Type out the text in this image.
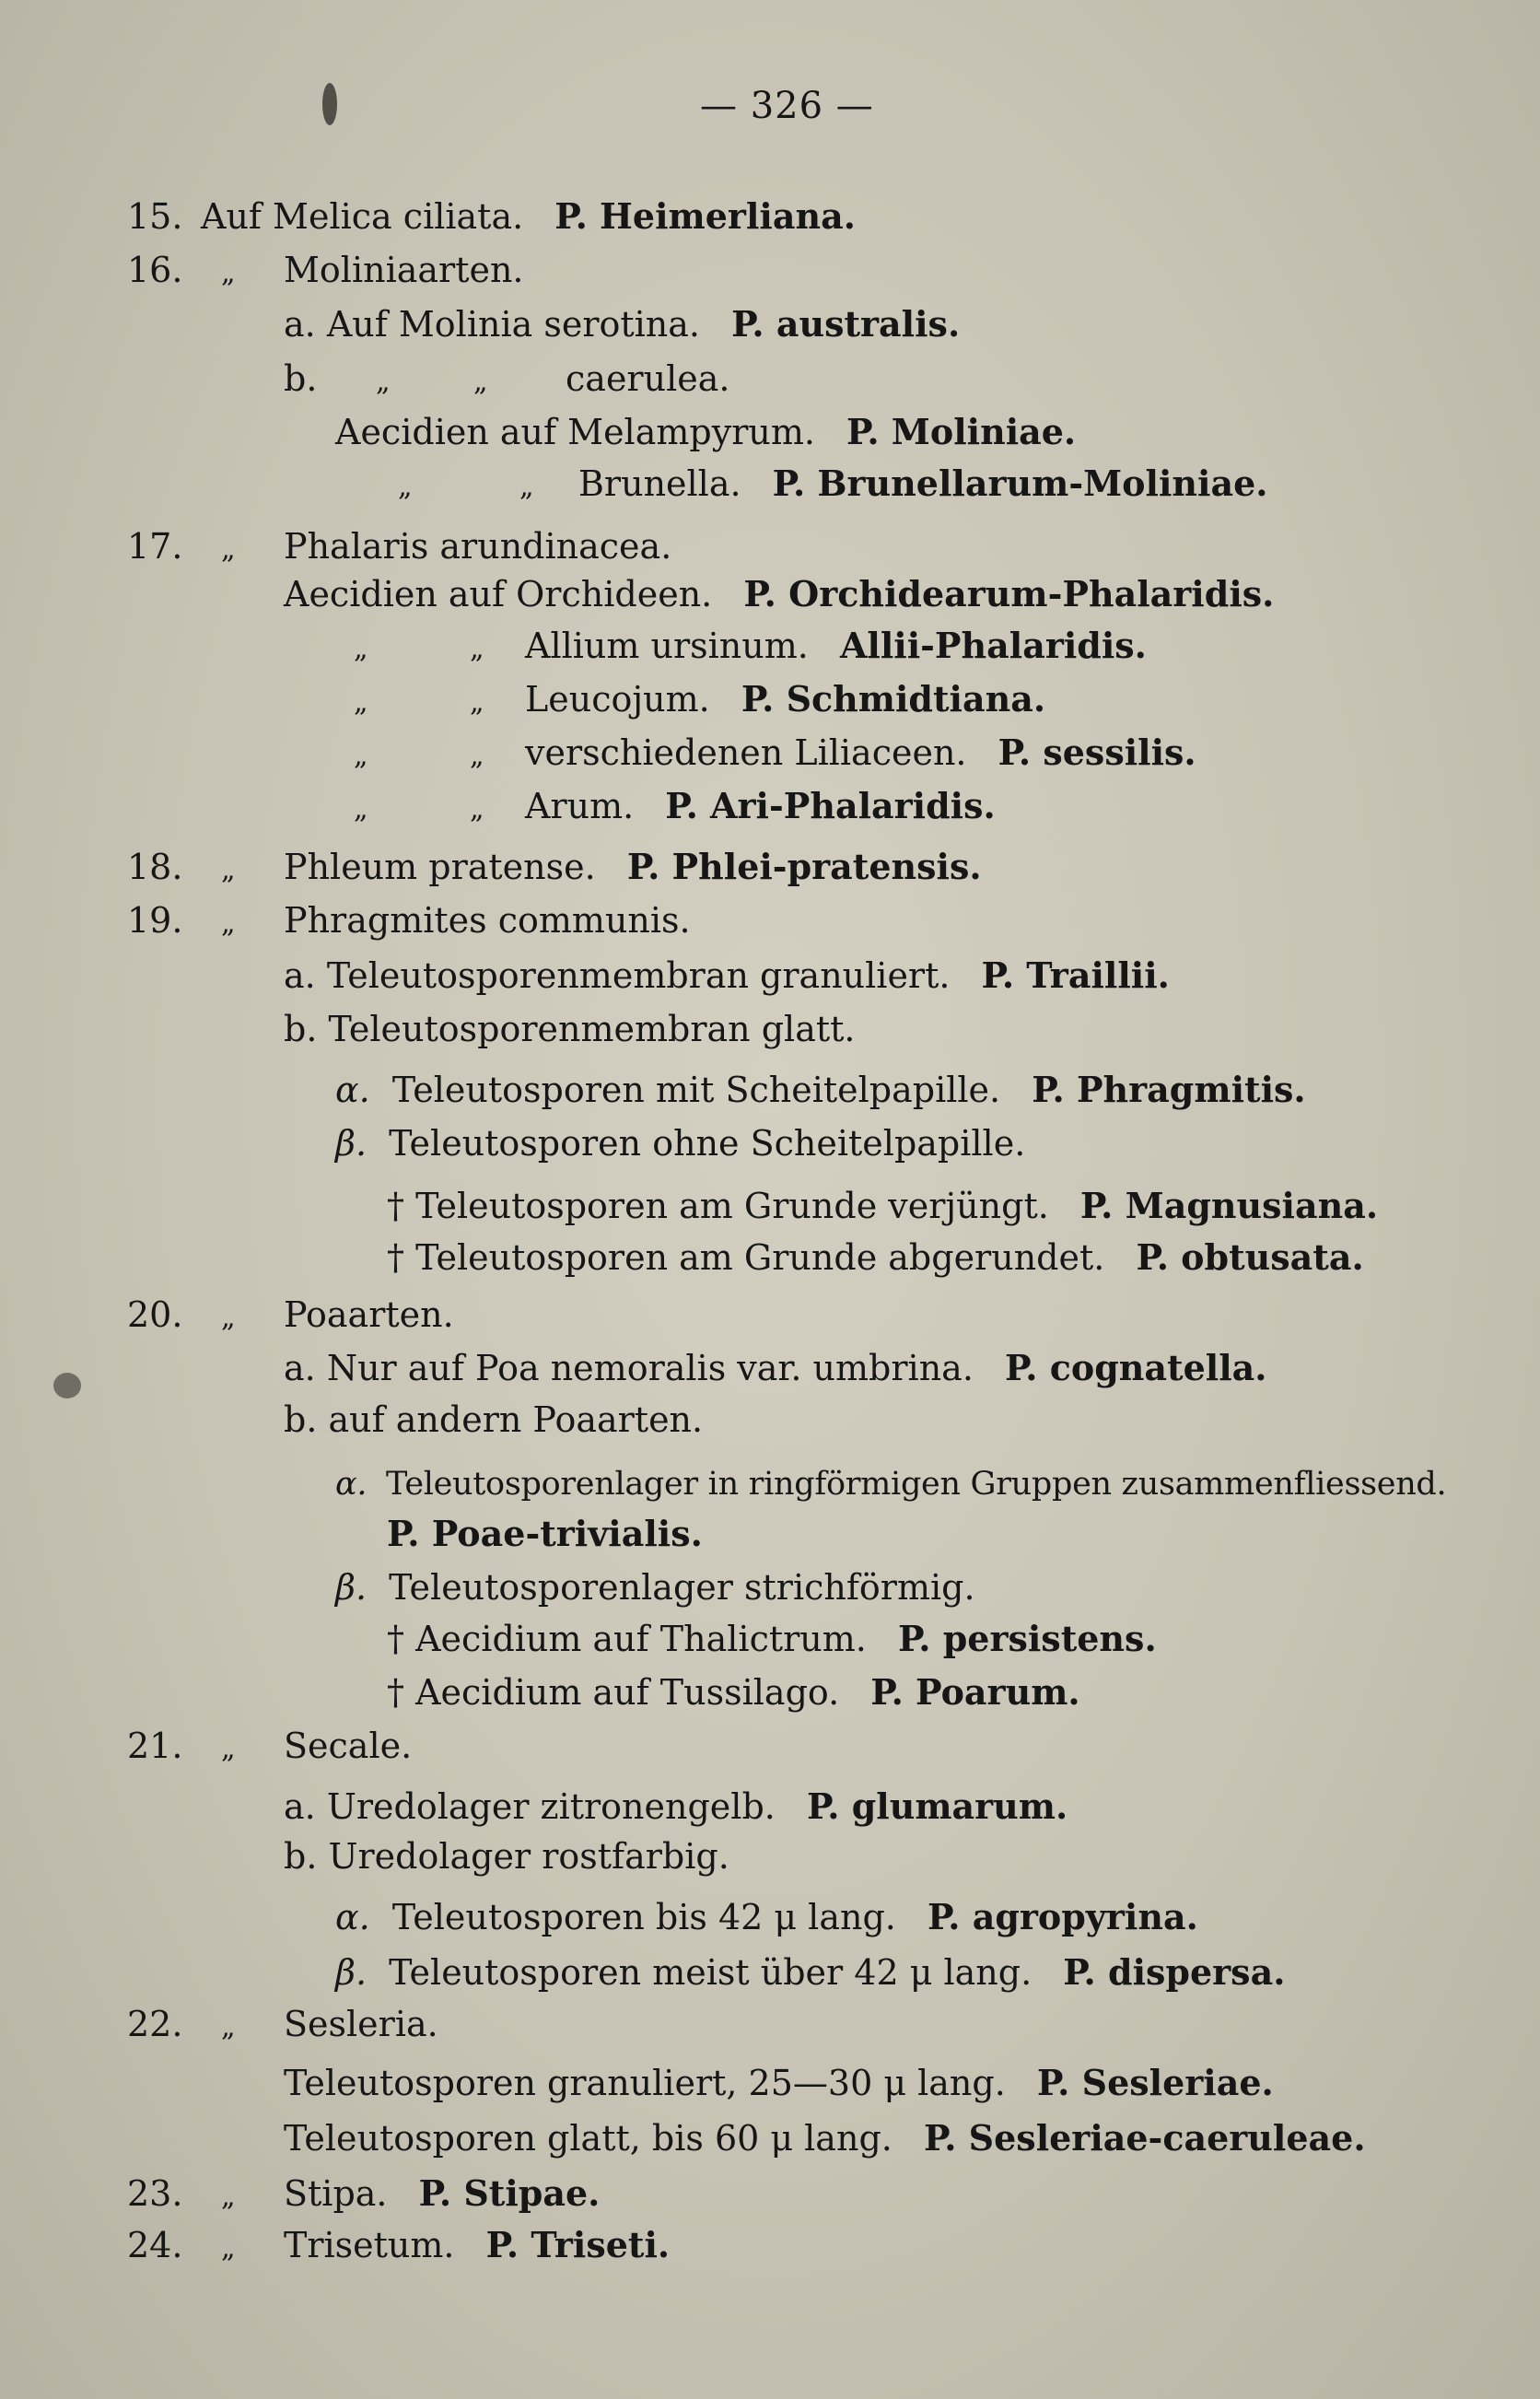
— 326 —
15. Auf Melica ciliata. P. Heimerliana.
16. „ Moliniaarten.
a. Auf Molinia serotina. P. australis.
b. „	„ caerulea.
Aecidien auf Melampyrum. P. Moliniae.
„	„ Brunella. P. Brunellarum-Moliniae.
17. „ Phalaris arundinacea.
Aecidien auf Orchideen. P. Orchidearum-Phalaridis.
„	„ Allium ursinum. Allii-Phalaridis.
„	„ Leucojum. P. Schmidtiana.
„	„ verschiedenen Liliaceen. P. sessilis.
„	„ Arum. P. Ari-Phalaridis.
18. „ Phleum pratense. P. Phlei-pratensis.
19. „ Phragmites communis.
a. Teleutosporenmembran granuliert. P. Traillii.
b. Teleutosporenmembran glatt.
α. Teleutosporen mit Scheitelpapille. P. Phragmitis.
β. Teleutosporen ohne Scheitelpapille.
† Teleutosporen am Grunde verjüngt. P. Magnusiana.
† Teleutosporen am Grunde abgerundet. P. obtusata.
20. „ Poaarten.
a. Nur auf Poa nemoralis var. umbrina. P. cognatella.
b. auf andern Poaarten.
α. Teleutosporenlager in ringförmigen Gruppen zusammenfliessend.
P. Poae-trivialis.
β. Teleutosporenlager strichförmig.
† Aecidium auf Thalictrum. P. persistens.
† Aecidium auf Tussilago. P. Poarum.
21. „ Secale.
a. Uredolager zitronengelb. P. glumarum.
b. Uredolager rostfarbig.
α. Teleutosporen bis 42 μ lang. P. agropyrina.
β. Teleutosporen meist über 42 μ lang. P. dispersa.
22. „ Sesleria.
Teleutosporen granuliert, 25—30 μ lang. P. Sesleriae.
Teleutosporen glatt, bis 60 μ lang. P. Sesleriae-caeruleae.
23. „ Stipa. P. Stipae.
24. „ Trisetum. P. Triseti.
